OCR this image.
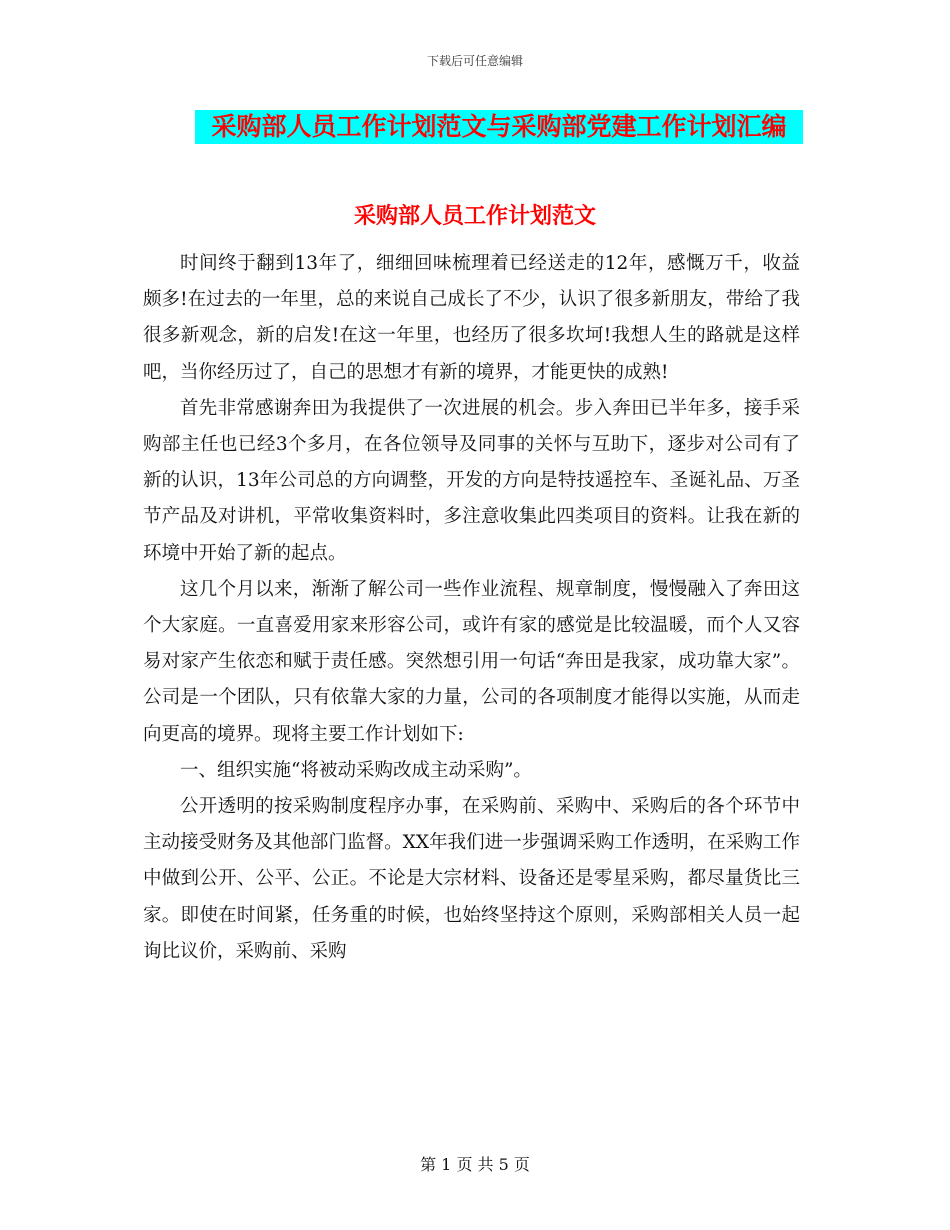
下载后可任意编辑
采购部人员工作计划范文与采购部党建工作计划汇编
采购部人员工作计划范文

时间终于翻到13年了，细细回味梳理着已经送走的12年，感慨万千，收益颇多!在过去的一年里，总的来说自己成长了不少，认识了很多新朋友，带给了我很多新观念，新的启发!在这一年里，也经历了很多坎坷!我想人生的路就是这样吧，当你经历过了，自己的思想才有新的境界，才能更快的成熟!

首先非常感谢奔田为我提供了一次进展的机会。步入奔田已半年多，接手采购部主任也已经3个多月，在各位领导及同事的关怀与互助下，逐步对公司有了新的认识，13年公司总的方向调整，开发的方向是特技遥控车、圣诞礼品、万圣节产品及对讲机，平常收集资料时，多注意收集此四类项目的资料。让我在新的环境中开始了新的起点。

这几个月以来，渐渐了解公司一些作业流程、规章制度，慢慢融入了奔田这个大家庭。一直喜爱用家来形容公司，或许有家的感觉是比较温暖，而个人又容易对家产生依恋和赋于责任感。突然想引用一句话“奔田是我家，成功靠大家”。公司是一个团队，只有依靠大家的力量，公司的各项制度才能得以实施，从而走向更高的境界。现将主要工作计划如下:

一、组织实施“将被动采购改成主动采购”。

公开透明的按采购制度程序办事，在采购前、采购中、采购后的各个环节中主动接受财务及其他部门监督。XX年我们进一步强调采购工作透明，在采购工作中做到公开、公平、公正。不论是大宗材料、设备还是零星采购，都尽量货比三家。即使在时间紧，任务重的时候，也始终坚持这个原则，采购部相关人员一起询比议价，采购前、采购

第 1 页 共 5 页
